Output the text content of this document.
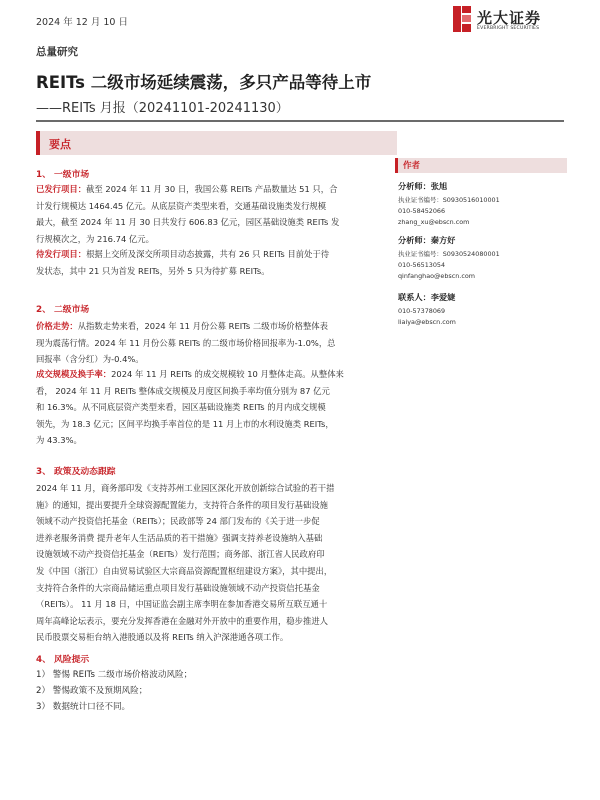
2024 年 12 月 10 日	光大证券
EVERBRIGHT SECURITIES
总量研究
REITs 二级市场延续震荡，多只产品等待上市
——REITs 月报（20241101-20241130）
要点
1、 一级市场
已发行项目：截至 2024 年 11 月 30 日，我国公募 REITs 产品数量达 51 只，合
计发行规模达 1464.45 亿元。从底层资产类型来看，交通基础设施类发行规模
最大，截至 2024 年 11 月 30 日共发行 606.83 亿元，园区基础设施类 REITs 发
行规模次之，为 216.74 亿元。
待发行项目：根据上交所及深交所项目动态披露，共有 26 只 REITs 目前处于待
发状态，其中 21 只为首发 REITs，另外 5 只为待扩募 REITs。
2、 二级市场
价格走势：从指数走势来看，2024 年 11 月份公募 REITs 二级市场价格整体表
现为震荡行情。2024 年 11 月份公募 REITs 的二级市场价格回报率为-1.0%，总
回报率（含分红）为-0.4%。
成交规模及换手率：2024 年 11 月 REITs 的成交规模较 10 月整体走高。从整体来
看， 2024 年 11 月 REITs 整体成交规模及月度区间换手率均值分别为 87 亿元
和 16.3%。从不同底层资产类型来看，园区基础设施类 REITs 的月内成交规模
领先，为 18.3 亿元；区间平均换手率首位的是 11 月上市的水利设施类 REITs，
为 43.3%。
3、 政策及动态跟踪
2024 年 11 月，商务部印发《支持苏州工业园区深化开放创新综合试验的若干措
施》的通知，提出要提升全球资源配置能力，支持符合条件的项目发行基础设施
领域不动产投资信托基金（REITs）；民政部等 24 部门发布的《关于进一步促
进养老服务消费 提升老年人生活品质的若干措施》强调支持养老设施纳入基础
设施领域不动产投资信托基金（REITs）发行范围；商务部、浙江省人民政府印
发《中国（浙江）自由贸易试验区大宗商品资源配置枢纽建设方案》，其中提出，
支持符合条件的大宗商品储运重点项目发行基础设施领域不动产投资信托基金
（REITs）。 11 月 18 日，中国证监会副主席李明在参加香港交易所互联互通十
周年高峰论坛表示，要充分发挥香港在金融对外开放中的重要作用，稳步推进人
民币股票交易柜台纳入港股通以及将 REITs 纳入沪深港通各项工作。
4、 风险提示
1） 警惕 REITs 二级市场价格波动风险；
2） 警惕政策不及预期风险；
3） 数据统计口径不同。
作者
分析师：张旭
执业证书编号：S0930516010001
010-58452066
zhang_xu@ebscn.com
分析师：秦方好
执业证书编号：S0930524080001
010-56513054
qinfanghao@ebscn.com
联系人：李爱婕
010-57378069
liaiya@ebscn.com
